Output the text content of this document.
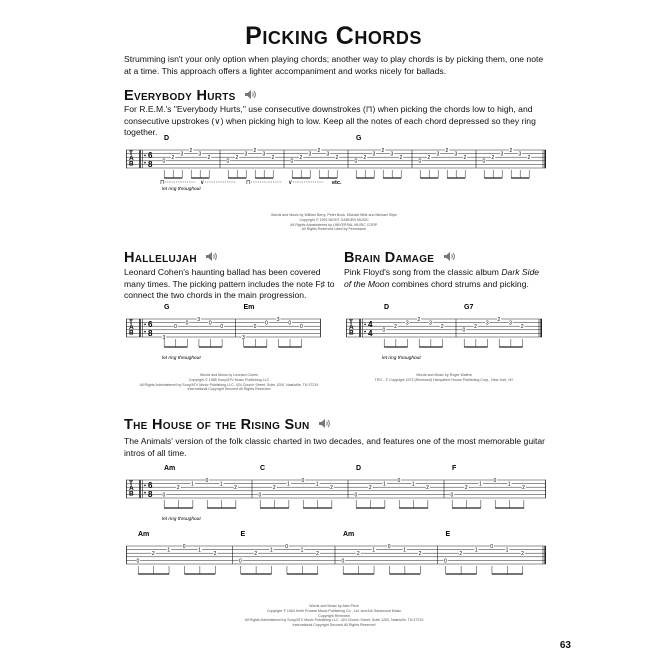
Picking Chords
Strumming isn't your only option when playing chords; another way to play chords is by picking them, one note at a time. This approach offers a lighter accompaniment and works nicely for ballads.
Everybody Hurts
For R.E.M.'s "Everybody Hurts," use consecutive downstrokes (⊓) when picking the chords low to high, and consecutive upstrokes (∨) when picking high to low. Keep all the notes of each chord depressed so they ring together.
T
A
B
6
8
D
0
2
3
2
3
2
0
2
3
2
3
2
0
2
3
2
3
2
G
0
2
3
2
3
2
0
2
3
2
3
2
0
2
3
2
3
2
let ring throughout
⊓	∨	⊓	∨	etc.
Words and Music by William Berry, Peter Buck, Michael Mills and Michael Stipe
Copyright © 1992 NIGHT GARDEN MUSIC
All Rights Administered by UNIVERSAL MUSIC CORP.
All Rights Reserved Used by Permission
Hallelujah
Leonard Cohen's haunting ballad has been covered many times. The picking pattern includes the note F♯ to connect the two chords in the main progression.
T
A
B
6
8
G
3
0
0
3
0
0
Em
3
0
0
3
0
0
let ring throughout
Words and Music by Leonard Cohen
Copyright © 1985 Sony/ATV Music Publishing LLC
All Rights Administered by Sony/ATV Music Publishing LLC, 424 Church Street, Suite 1200, Nashville, TN 37219
International Copyright Secured All Rights Reserved
Brain Damage
Pink Floyd's song from the classic album Dark Side of the Moon combines chord strums and picking.
T
A
B
4
4
D
0
2
3
2
3
2
G7
0
2
3
2
3
2
let ring throughout
Words and Music by Roger Waters
TRO - © Copyright 1973 (Renewed) Hampshire House Publishing Corp., New York, NY
The House of the Rising Sun
The Animals' version of the folk classic charted in two decades, and features one of the most memorable guitar intros of all time.
T
A
B
6
8
Am
0
2
1
0
1
2
C
0
2
1
0
1
2
D
0
2
1
0
1
2
F
0
2
1
0
1
2
let ring throughout
Am
0
2
1
0
1
2
E
0
2
1
0
1
2
Am
0
2
1
0
1
2
E
0
2
1
0
1
2
Words and Music by Alan Price
Copyright © 1964 Keith Prowse Music Publishing Co., Ltd. and Ark Sandwood Music
Copyright Renewed
All Rights Administered by Sony/ATV Music Publishing LLC, 424 Church Street, Suite 1200, Nashville, TN 37219
International Copyright Secured All Rights Reserved
63
